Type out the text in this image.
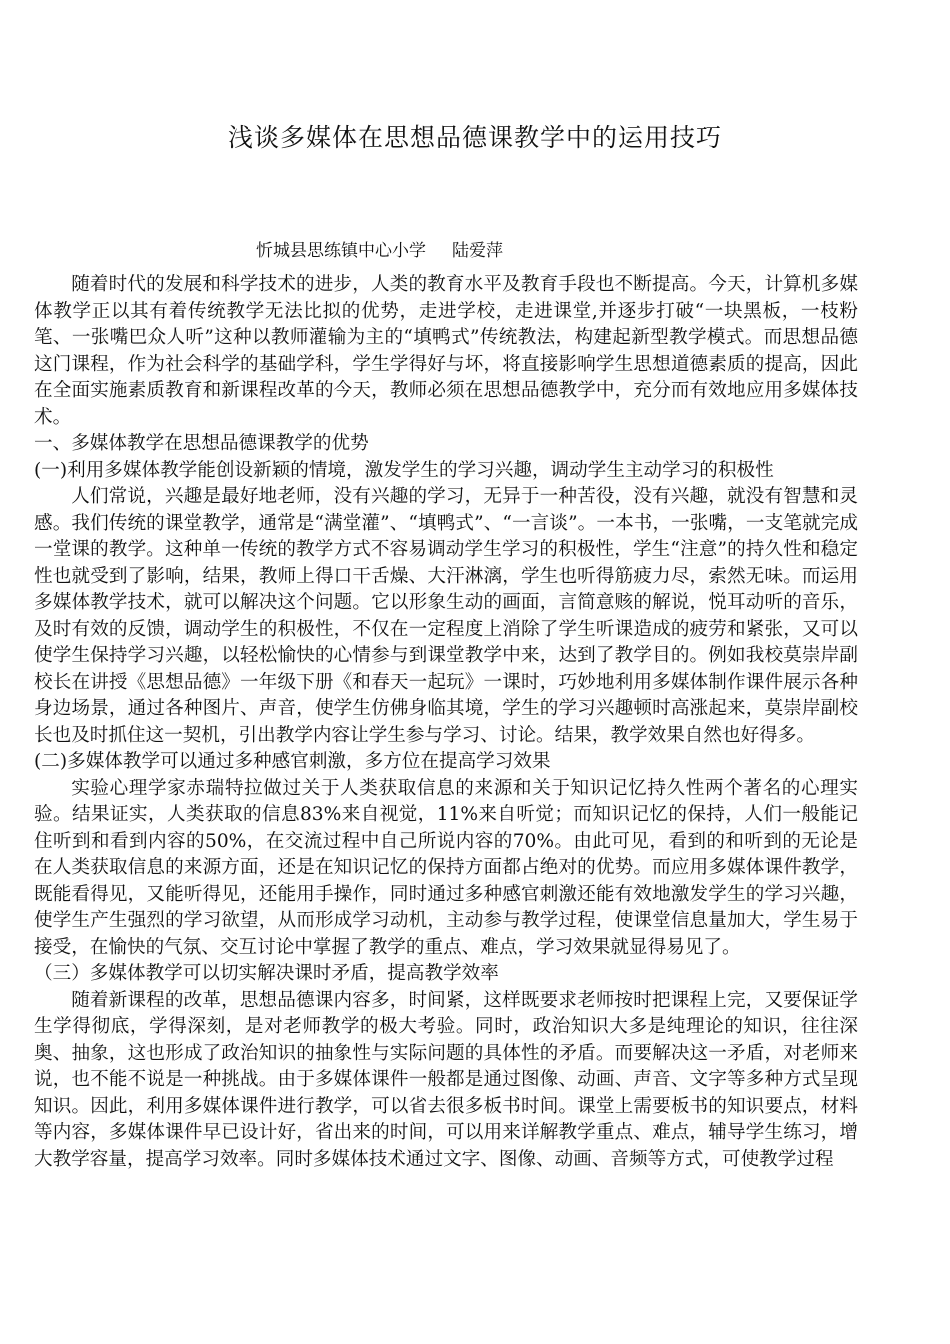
浅谈多媒体在思想品德课教学中的运用技巧
忻城县思练镇中心小学 陆爱萍

随着时代的发展和科学技术的进步，人类的教育水平及教育手段也不断提高。今天，计算机多媒体教学正以其有着传统教学无法比拟的优势，走进学校，走进课堂,并逐步打破“一块黑板，一枝粉笔、一张嘴巴众人听”这种以教师灌输为主的“填鸭式”传统教法，构建起新型教学模式。而思想品德这门课程，作为社会科学的基础学科，学生学得好与坏，将直接影响学生思想道德素质的提高，因此在全面实施素质教育和新课程改革的今天，教师必须在思想品德教学中，充分而有效地应用多媒体技术。

一、多媒体教学在思想品德课教学的优势

(一)利用多媒体教学能创设新颖的情境，激发学生的学习兴趣，调动学生主动学习的积极性

人们常说，兴趣是最好地老师，没有兴趣的学习，无异于一种苦役，没有兴趣，就没有智慧和灵感。我们传统的课堂教学，通常是“满堂灌”、“填鸭式”、“一言谈”。一本书，一张嘴，一支笔就完成一堂课的教学。这种单一传统的教学方式不容易调动学生学习的积极性，学生“注意”的持久性和稳定性也就受到了影响，结果，教师上得口干舌燥、大汗淋漓，学生也听得筋疲力尽，索然无味。而运用多媒体教学技术，就可以解决这个问题。它以形象生动的画面，言简意赅的解说，悦耳动听的音乐，及时有效的反馈，调动学生的积极性，不仅在一定程度上消除了学生听课造成的疲劳和紧张，又可以使学生保持学习兴趣，以轻松愉快的心情参与到课堂教学中来，达到了教学目的。例如我校莫崇岸副校长在讲授《思想品德》一年级下册《和春天一起玩》一课时，巧妙地利用多媒体制作课件展示各种身边场景，通过各种图片、声音，使学生仿佛身临其境，学生的学习兴趣顿时高涨起来，莫崇岸副校长也及时抓住这一契机，引出教学内容让学生参与学习、讨论。结果，教学效果自然也好得多。

(二)多媒体教学可以通过多种感官刺激，多方位在提高学习效果

实验心理学家赤瑞特拉做过关于人类获取信息的来源和关于知识记忆持久性两个著名的心理实验。结果证实，人类获取的信息83%来自视觉，11%来自听觉；而知识记忆的保持，人们一般能记住听到和看到内容的50%，在交流过程中自己所说内容的70%。由此可见，看到的和听到的无论是在人类获取信息的来源方面，还是在知识记忆的保持方面都占绝对的优势。而应用多媒体课件教学，既能看得见，又能听得见，还能用手操作，同时通过多种感官刺激还能有效地激发学生的学习兴趣，使学生产生强烈的学习欲望，从而形成学习动机，主动参与教学过程，使课堂信息量加大，学生易于接受，在愉快的气氛、交互讨论中掌握了教学的重点、难点，学习效果就显得易见了。

（三）多媒体教学可以切实解决课时矛盾，提高教学效率

随着新课程的改革，思想品德课内容多，时间紧，这样既要求老师按时把课程上完，又要保证学生学得彻底，学得深刻，是对老师教学的极大考验。同时，政治知识大多是纯理论的知识，往往深奥、抽象，这也形成了政治知识的抽象性与实际问题的具体性的矛盾。而要解决这一矛盾，对老师来说，也不能不说是一种挑战。由于多媒体课件一般都是通过图像、动画、声音、文字等多种方式呈现知识。因此，利用多媒体课件进行教学，可以省去很多板书时间。课堂上需要板书的知识要点，材料等内容，多媒体课件早已设计好，省出来的时间，可以用来详解教学重点、难点，辅导学生练习，增大教学容量，提高学习效率。同时多媒体技术通过文字、图像、动画、音频等方式，可使教学过程
